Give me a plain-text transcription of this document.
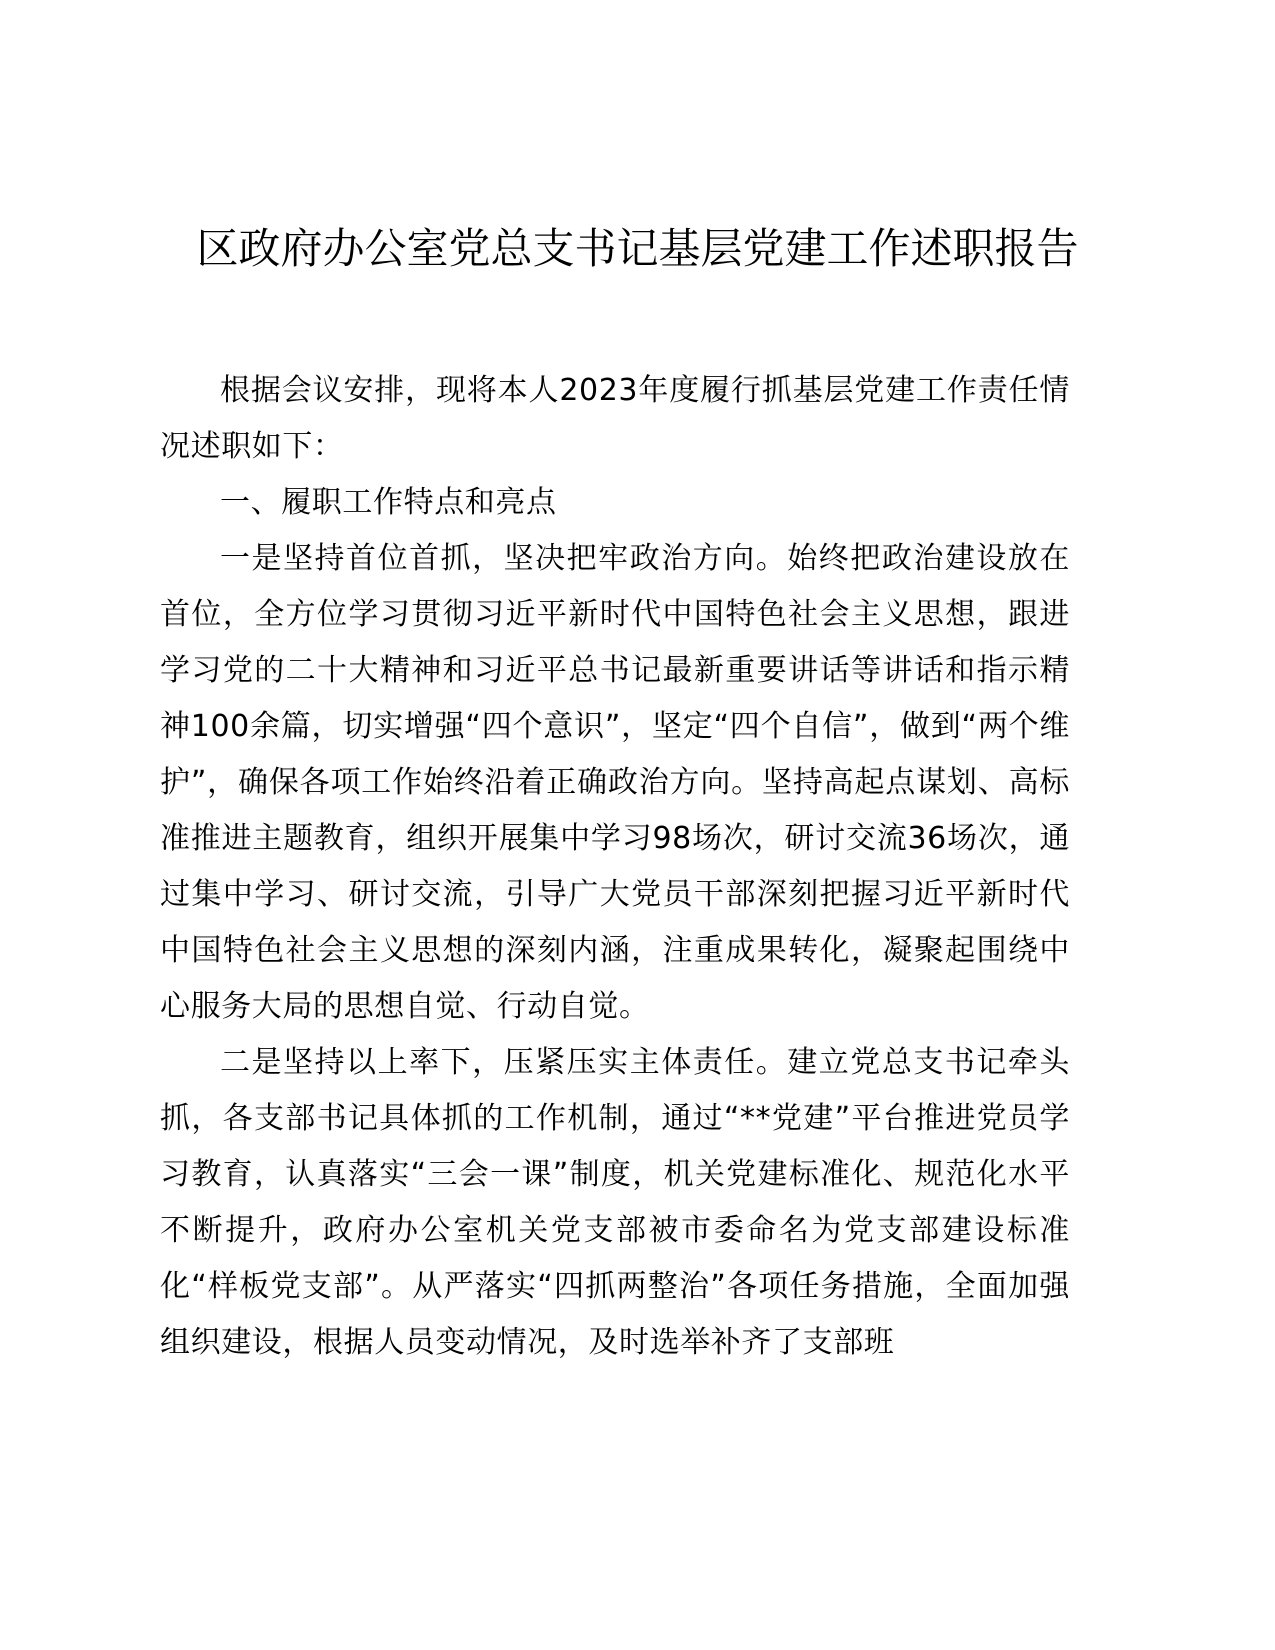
区政府办公室党总支书记基层党建工作述职报告

根据会议安排，现将本人2023年度履行抓基层党建工作责任情况述职如下：

一、履职工作特点和亮点

一是坚持首位首抓，坚决把牢政治方向。始终把政治建设放在首位，全方位学习贯彻习近平新时代中国特色社会主义思想，跟进学习党的二十大精神和习近平总书记最新重要讲话等讲话和指示精神100余篇，切实增强“四个意识”，坚定“四个自信”，做到“两个维护”，确保各项工作始终沿着正确政治方向。坚持高起点谋划、高标准推进主题教育，组织开展集中学习98场次，研讨交流36场次，通过集中学习、研讨交流，引导广大党员干部深刻把握习近平新时代中国特色社会主义思想的深刻内涵，注重成果转化，凝聚起围绕中心服务大局的思想自觉、行动自觉。

二是坚持以上率下，压紧压实主体责任。建立党总支书记牵头抓，各支部书记具体抓的工作机制，通过“**党建”平台推进党员学习教育，认真落实“三会一课”制度，机关党建标准化、规范化水平不断提升，政府办公室机关党支部被市委命名为党支部建设标准化“样板党支部”。从严落实“四抓两整治”各项任务措施，全面加强组织建设，根据人员变动情况，及时选举补齐了支部班
